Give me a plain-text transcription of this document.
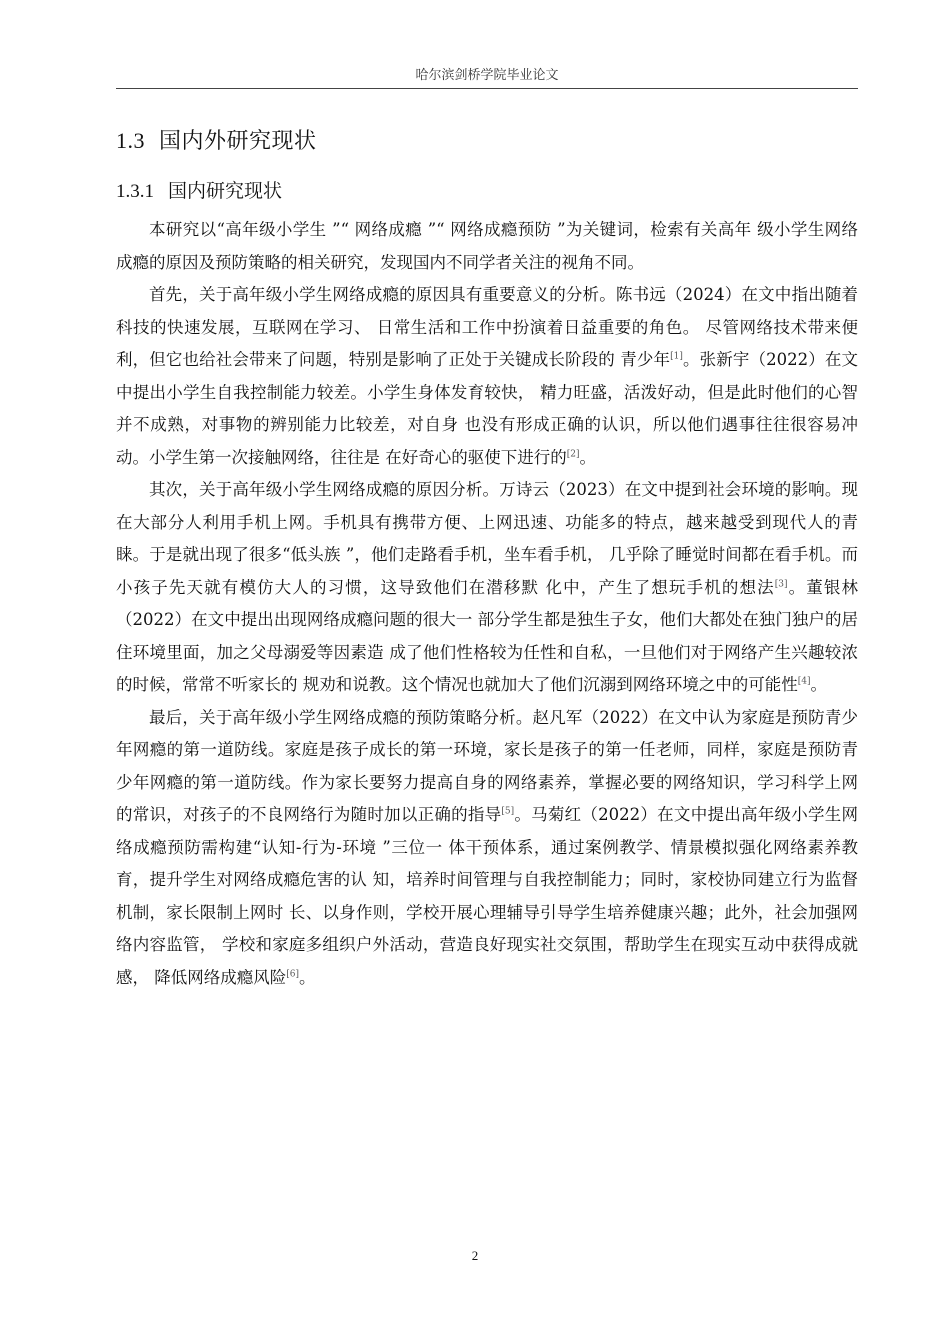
哈尔滨剑桥学院毕业论文
1.3 国内外研究现状
1.3.1 国内研究现状

本研究以“高年级小学生 ”“ 网络成瘾 ”“ 网络成瘾预防 ”为关键词，检索有关高年 级小学生网络成瘾的原因及预防策略的相关研究，发现国内不同学者关注的视角不同。

首先，关于高年级小学生网络成瘾的原因具有重要意义的分析。陈书远（2024）在文中指出随着科技的快速发展，互联网在学习、 日常生活和工作中扮演着日益重要的角色。 尽管网络技术带来便利，但它也给社会带来了问题，特别是影响了正处于关键成长阶段的 青少年[1]。张新宇（2022）在文中提出小学生自我控制能力较差。小学生身体发育较快， 精力旺盛，活泼好动，但是此时他们的心智并不成熟，对事物的辨别能力比较差，对自身 也没有形成正确的认识，所以他们遇事往往很容易冲动。小学生第一次接触网络，往往是 在好奇心的驱使下进行的[2]。

其次，关于高年级小学生网络成瘾的原因分析。万诗云（2023）在文中提到社会环境的影响。现在大部分人利用手机上网。手机具有携带方便、上网迅速、功能多的特点，越来越受到现代人的青睐。于是就出现了很多“低头族 ”，他们走路看手机，坐车看手机， 几乎除了睡觉时间都在看手机。而小孩子先天就有模仿大人的习惯，这导致他们在潜移默 化中，产生了想玩手机的想法[3]。董银林（2022）在文中提出出现网络成瘾问题的很大一 部分学生都是独生子女，他们大都处在独门独户的居住环境里面，加之父母溺爱等因素造 成了他们性格较为任性和自私，一旦他们对于网络产生兴趣较浓的时候，常常不听家长的 规劝和说教。这个情况也就加大了他们沉溺到网络环境之中的可能性[4]。

最后，关于高年级小学生网络成瘾的预防策略分析。赵凡军（2022）在文中认为家庭是预防青少年网瘾的第一道防线。家庭是孩子成长的第一环境，家长是孩子的第一任老师，同样，家庭是预防青少年网瘾的第一道防线。作为家长要努力提高自身的网络素养，掌握必要的网络知识，学习科学上网的常识，对孩子的不良网络行为随时加以正确的指导[5]。马菊红（2022）在文中提出高年级小学生网络成瘾预防需构建“认知-行为-环境 ”三位一 体干预体系，通过案例教学、情景模拟强化网络素养教育，提升学生对网络成瘾危害的认 知，培养时间管理与自我控制能力；同时，家校协同建立行为监督机制，家长限制上网时 长、以身作则，学校开展心理辅导引导学生培养健康兴趣；此外，社会加强网络内容监管， 学校和家庭多组织户外活动，营造良好现实社交氛围，帮助学生在现实互动中获得成就感， 降低网络成瘾风险[6]。

2
